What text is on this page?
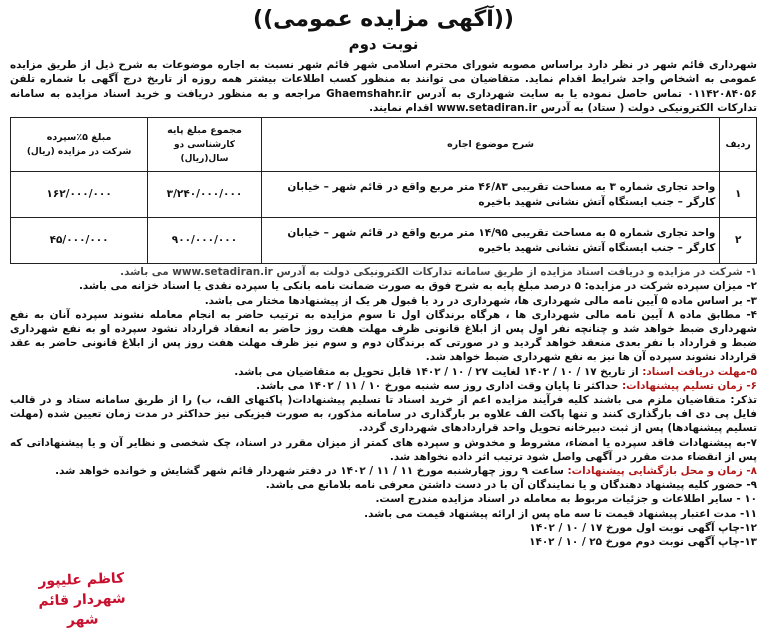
((آگهی مزایده عمومی))
نوبت دوم
شهرداری قائم شهر در نظر دارد براساس مصوبه شورای محترم اسلامی شهر قائم شهر نسبت به اجاره موضوعات به شرح ذیل از طریق مزایده عمومی به اشخاص واجد شرایط اقدام نماید. متقاضیان می توانند به منظور کسب اطلاعات بیشتر همه روزه از تاریخ درج آگهی با شماره تلفن ۰۱۱۴۲۰۸۴۰۵۶ تماس حاصل نموده یا به سایت شهرداری به آدرس Ghaemshahr.ir مراجعه و به منظور دریافت و خرید اسناد مزایده به سامانه تدارکات الکترونیکی دولت ( ستاد) به آدرس www.setadiran.ir اقدام نمایند.
ردیف	شرح موضوع اجاره	مجموع مبلغ پایه
کارشناسی دو سال(ریال)	مبلغ ۵٪سپرده
شرکت در مزایده (ریال)

۱	واحد تجاری شماره ۳ به مساحت تقریبی ۴۶/۸۳ متر مربع واقع در قائم شهر – خیابان کارگر – جنب ایستگاه آتش نشانی شهید باخیره	۳/۲۴۰/۰۰۰/۰۰۰	۱۶۲/۰۰۰/۰۰۰
۲	واحد تجاری شماره ۵ به مساحت تقریبی ۱۴/۹۵ متر مربع واقع در قائم شهر – خیابان کارگر – جنب ایستگاه آتش نشانی شهید باخیره	۹۰۰/۰۰۰/۰۰۰	۴۵/۰۰۰/۰۰۰
۱- شرکت در مزایده و دریافت اسناد مزایده از طریق سامانه تدارکات الکترونیکی دولت به آدرس www.setadiran.ir می باشد.
۲- میزان سپرده شرکت در مزایده: ۵ درصد مبلغ پایه به شرح فوق به صورت ضمانت نامه بانکی یا سپرده نقدی یا اسناد خزانه می باشد.
۳- بر اساس ماده ۵ آیین نامه مالی شهرداری ها، شهرداری در رد یا قبول هر یک از پیشنهادها مختار می باشد.
۴- مطابق ماده ۸ آیین نامه مالی شهرداری ها ، هرگاه برندگان اول تا سوم مزایده به ترتیب حاضر به انجام معامله نشوند سپرده آنان به نفع شهرداری ضبط خواهد شد و چنانچه نفر اول پس از ابلاغ قانونی ظرف مهلت هفت روز حاضر به انعقاد قرارداد نشود سپرده او به نفع شهرداری ضبط و قرارداد با نفر بعدی منعقد خواهد گردید و در صورتی که برندگان دوم و سوم نیز ظرف مهلت هفت روز پس از ابلاغ قانونی حاضر به عقد قرارداد نشوند سپرده آن ها نیز به نفع شهرداری ضبط خواهد شد.
۵-مهلت دریافت اسناد: از تاریخ ۱۷ / ۱۰ / ۱۴۰۲ لغایت ۲۷ / ۱۰ / ۱۴۰۲ قابل تحویل به متقاضیان می باشد.
۶- زمان تسلیم پیشنهادات: حداکثر تا پایان وقت اداری روز سه شنبه مورخ ۱۰ / ۱۱ / ۱۴۰۲ می باشد.
تذکر: متقاضیان ملزم می باشند کلیه فرآیند مزایده اعم از خرید اسناد تا تسلیم پیشنهادات( پاکتهای الف، ب) را از طریق سامانه ستاد و در قالب فایل پی دی اف بارگذاری کنند و تنها پاکت الف علاوه بر بارگذاری در سامانه مذکور، به صورت فیزیکی نیز حداکثر در مدت زمان تعیین شده (مهلت تسلیم پیشنهادها) پس از ثبت دبیرخانه تحویل واحد قراردادهای شهرداری گردد.
۷-به پیشنهادات فاقد سپرده یا امضاء، مشروط و مخدوش و سپرده های کمتر از میزان مقرر در اسناد، چک شخصی و نظایر آن و یا پیشنهاداتی که پس از انقضاء مدت مقرر در آگهی واصل شود ترتیب اثر داده نخواهد شد.
۸- زمان و محل بازگشایی پیشنهادات: ساعت ۹ روز چهارشنبه مورخ ۱۱ / ۱۱ / ۱۴۰۲ در دفتر شهردار قائم شهر گشایش و خوانده خواهد شد.
۹- حضور کلیه پیشنهاد دهندگان و یا نمایندگان آن با در دست داشتن معرفی نامه بلامانع می باشد.
۱۰ - سایر اطلاعات و جزئیات مربوط به معامله در اسناد مزایده مندرج است.
۱۱- مدت اعتبار پیشنهاد قیمت تا سه ماه پس از ارائه پیشنهاد قیمت می باشد.
۱۲-چاپ آگهی نوبت اول مورخ ۱۷ / ۱۰ / ۱۴۰۲
۱۳-چاپ آگهی نوبت دوم مورخ ۲۵ / ۱۰ / ۱۴۰۲
کاظم علیپور
شهردار قائم شهر
